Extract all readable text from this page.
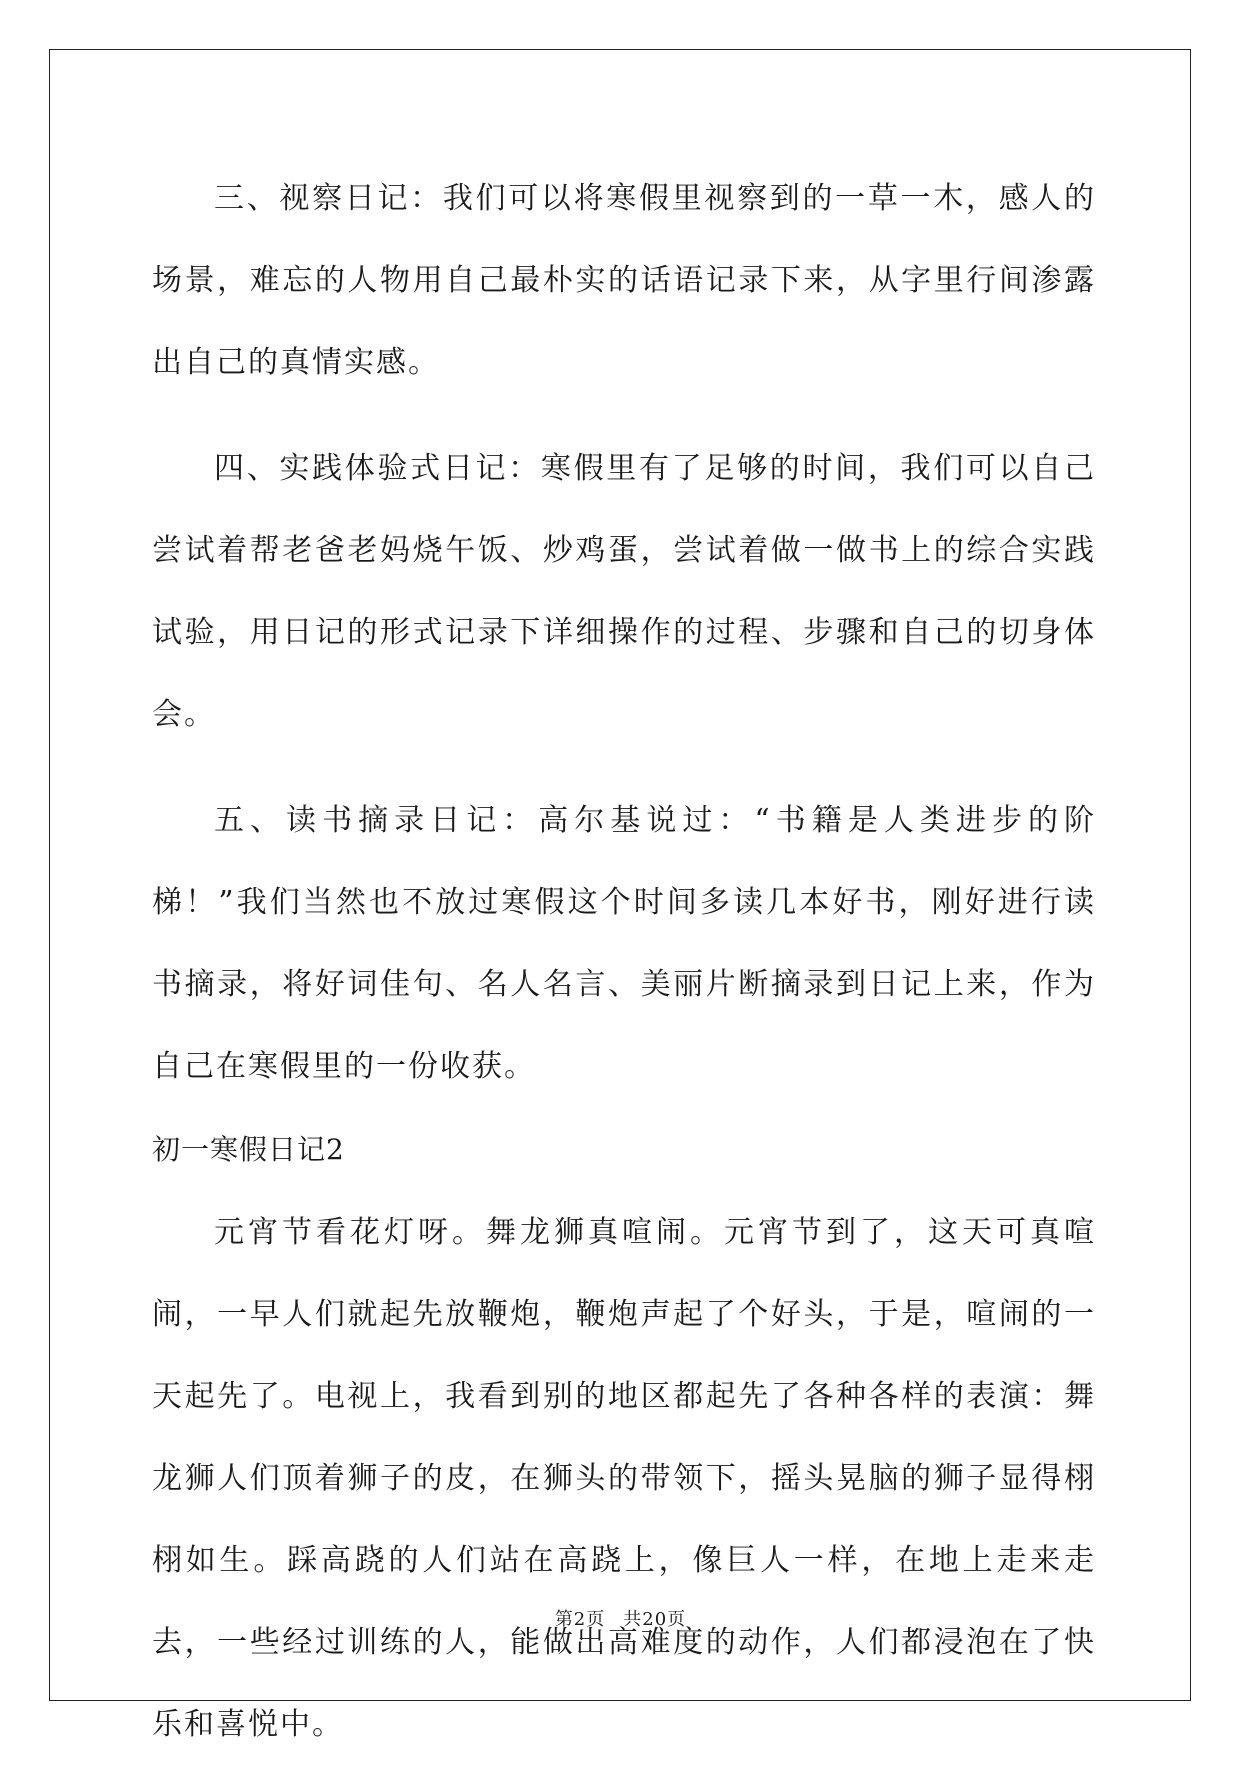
三、视察日记：我们可以将寒假里视察到的一草一木，感人的场景，难忘的人物用自己最朴实的话语记录下来，从字里行间渗露出自己的真情实感。

四、实践体验式日记：寒假里有了足够的时间，我们可以自己尝试着帮老爸老妈烧午饭、炒鸡蛋，尝试着做一做书上的综合实践试验，用日记的形式记录下详细操作的过程、步骤和自己的切身体会。

五、读书摘录日记：高尔基说过：“书籍是人类进步的阶梯！”我们当然也不放过寒假这个时间多读几本好书，刚好进行读书摘录，将好词佳句、名人名言、美丽片断摘录到日记上来，作为自己在寒假里的一份收获。

初一寒假日记2

元宵节看花灯呀。舞龙狮真喧闹。元宵节到了，这天可真喧闹，一早人们就起先放鞭炮，鞭炮声起了个好头，于是，喧闹的一天起先了。电视上，我看到别的地区都起先了各种各样的表演：舞龙狮人们顶着狮子的皮，在狮头的带领下，摇头晃脑的狮子显得栩栩如生。踩高跷的人们站在高跷上，像巨人一样，在地上走来走去，一些经过训练的人，能做出高难度的动作，人们都浸泡在了快乐和喜悦中。

第2页 共20页
